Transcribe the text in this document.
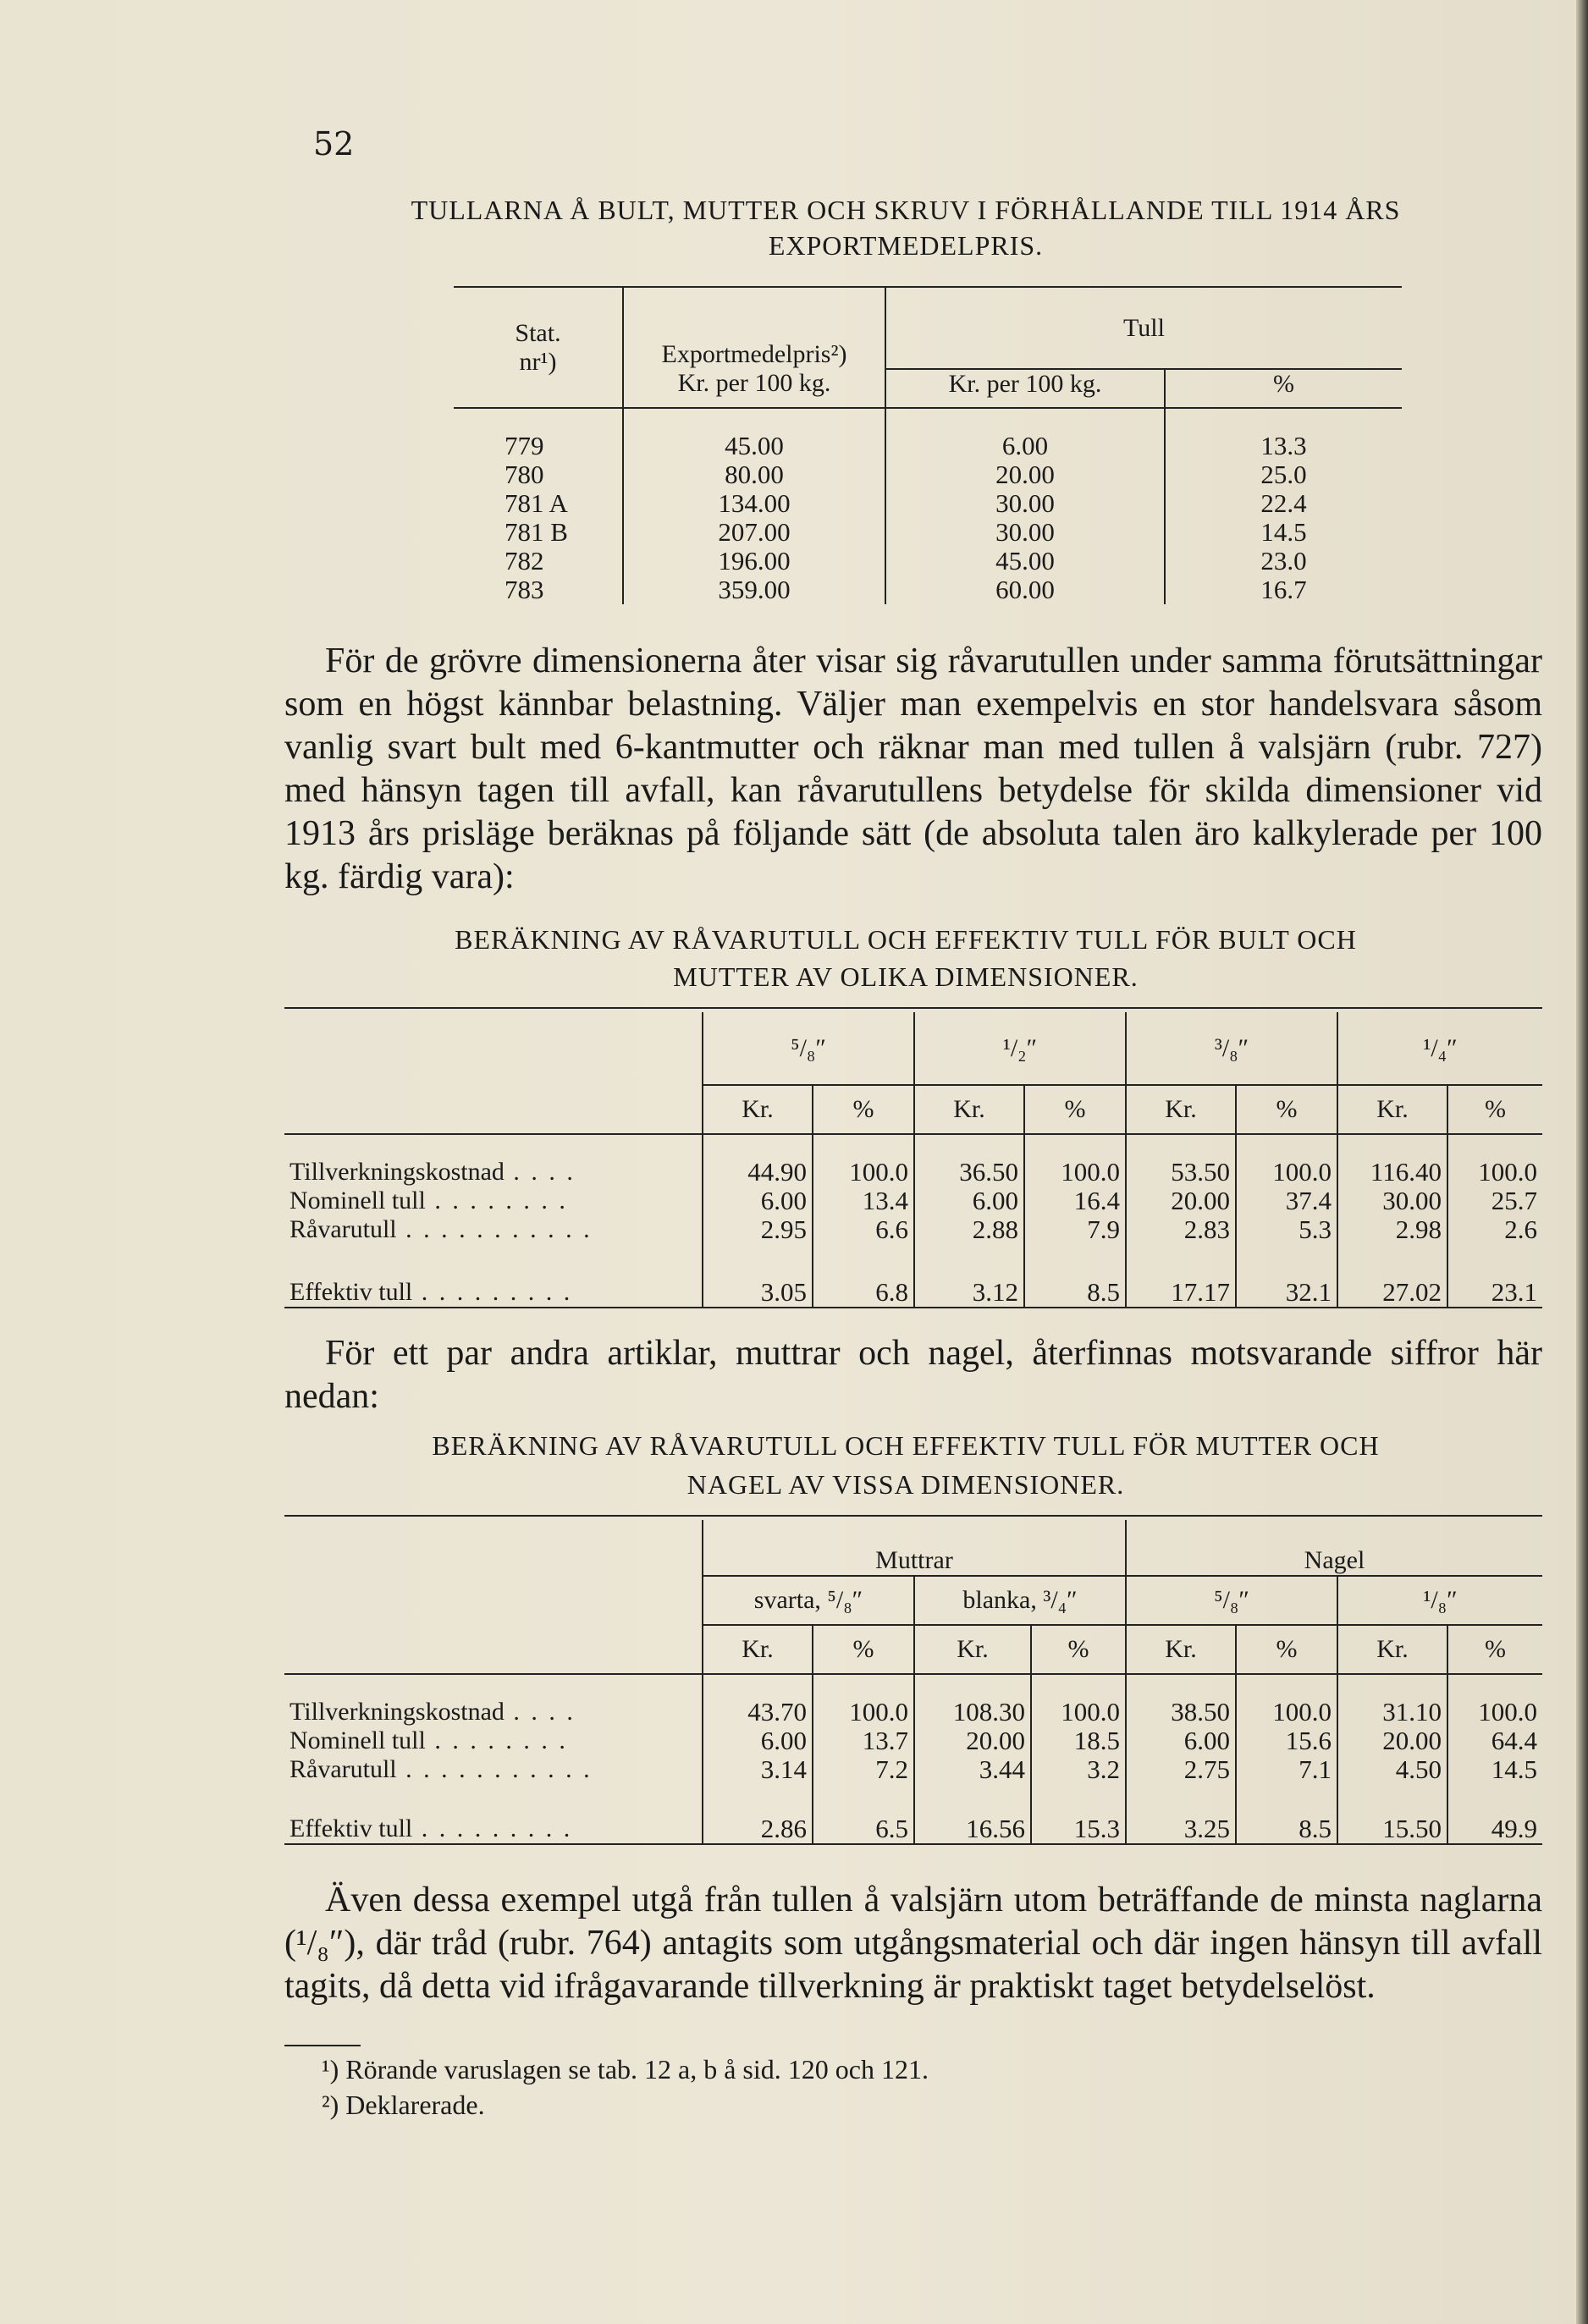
52
TULLARNA Å BULT, MUTTER OCH SKRUV I FÖRHÅLLANDE TILL 1914 ÅRS
EXPORTMEDELPRIS.
Stat.
nr¹)	Exportmedelpris²)	Tull	
	Kr. per 100 kg.	Kr. per 100 kg.	%

779	45.00	6.00	13.3
780	80.00	20.00	25.0
781 A	134.00	30.00	22.4
781 B	207.00	30.00	14.5
782	196.00	45.00	23.0
783	359.00	60.00	16.7
För de grövre dimensionerna åter visar sig råvarutullen under samma förutsättningar som en högst kännbar belastning. Väljer man exempelvis en stor handelsvara såsom vanlig svart bult med 6-kantmutter och räknar man med tullen å valsjärn (rubr. 727) med hänsyn tagen till avfall, kan råvarutullens betydelse för skilda dimensioner vid 1913 års prisläge beräknas på följande sätt (de absoluta talen äro kalkylerade per 100 kg. färdig vara):
BERÄKNING AV RÅVARUTULL OCH EFFEKTIV TULL FÖR BULT OCH
MUTTER AV OLIKA DIMENSIONER.
	⁵/₈″		¹/₂″		³/₈″		¹/₄″	
	Kr.	%	Kr.	%	Kr.	%	Kr.	%

Tillverkningskostnad . . . .	44.90	100.0	36.50	100.0	53.50	100.0	116.40	100.0
Nominell tull . . . . . . . .	6.00	13.4	6.00	16.4	20.00	37.4	30.00	25.7
Råvarutull . . . . . . . . . . .	2.95	6.6	2.88	7.9	2.83	5.3	2.98	2.6

Effektiv tull . . . . . . . . .	3.05	6.8	3.12	8.5	17.17	32.1	27.02	23.1
För ett par andra artiklar, muttrar och nagel, återfinnas motsvarande siffror här nedan:
BERÄKNING AV RÅVARUTULL OCH EFFEKTIV TULL FÖR MUTTER OCH
NAGEL AV VISSA DIMENSIONER.
	Muttrar				Nagel			
	svarta, ⁵/₈″		blanka, ³/₄″		⁵/₈″		¹/₈″	
	Kr.	%	Kr.	%	Kr.	%	Kr.	%

Tillverkningskostnad . . . .	43.70	100.0	108.30	100.0	38.50	100.0	31.10	100.0
Nominell tull . . . . . . . .	6.00	13.7	20.00	18.5	6.00	15.6	20.00	64.4
Råvarutull . . . . . . . . . . .	3.14	7.2	3.44	3.2	2.75	7.1	4.50	14.5

Effektiv tull . . . . . . . . .	2.86	6.5	16.56	15.3	3.25	8.5	15.50	49.9
Även dessa exempel utgå från tullen å valsjärn utom beträffande de minsta naglarna (¹/₈″), där tråd (rubr. 764) antagits som utgångsmaterial och där ingen hänsyn till avfall tagits, då detta vid ifrågavarande tillverkning är praktiskt taget betydelselöst.
¹) Rörande varuslagen se tab. 12 a, b å sid. 120 och 121.
²) Deklarerade.
